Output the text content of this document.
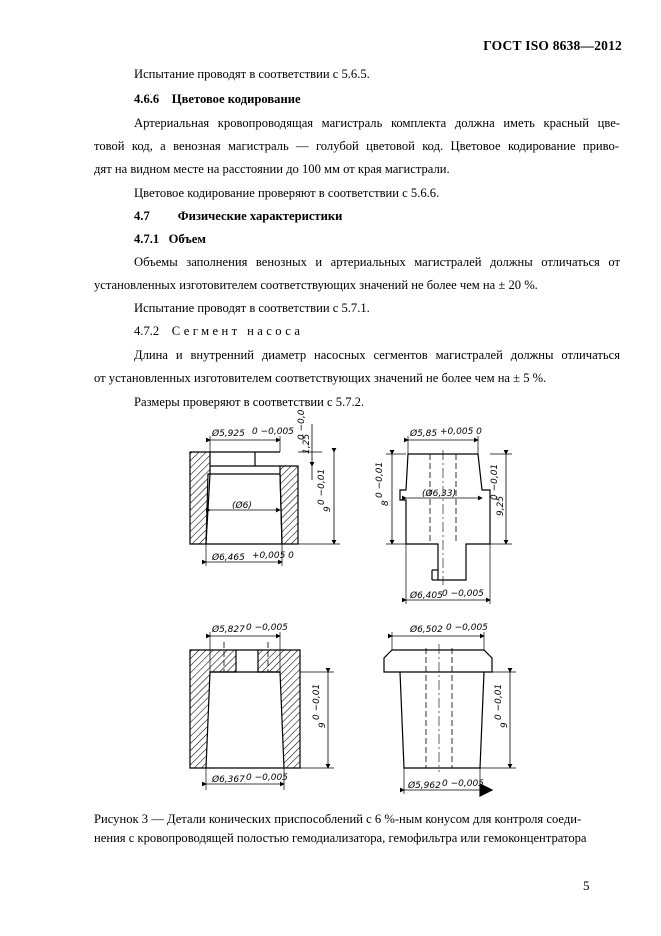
ГОСТ ISO 8638—2012
Испытание проводят в соответствии с 5.6.5.
4.6.6 Цветовое кодирование
Артериальная кровопроводящая магистраль комплекта должна иметь красный цве-
товой код, а венозная магистраль — голубой цветовой код. Цветовое кодирование приво-
дят на видном месте на расстоянии до 100 мм от края магистрали.
Цветовое кодирование проверяют в соответствии с 5.6.6.
4.7 Физические характеристики
4.7.1 Объем
Объемы заполнения венозных и артериальных магистралей должны отличаться от
установленных изготовителем соответствующих значений не более чем на ± 20 %.
Испытание проводят в соответствии с 5.7.1.
4.7.2 Сегмент насоса
Длина и внутренний диаметр насосных сегментов магистралей должны отличаться
от установленных изготовителем соответствующих значений не более чем на ± 5 %.
Размеры проверяют в соответствии с 5.7.2.
Ø5,925 0 −0,005
1,25
0 −0,01
(Ø6)	9
0 −0,01
Ø6,465 +0,005 0
Ø5,85 +0,005 0
8
0 −0,01	(Ø6,33)
9,25
0 −0,01
Ø6,405 0 −0,005
Ø5,827 0 −0,005
9
0 −0,01
Ø6,367 0 −0,005
Ø6,502 0 −0,005
9
0 −0,01
Ø5,962 0 −0,005
Рисунок 3 — Детали конических приспособлений с 6 %-ным конусом для контроля соеди-
нения с кровопроводящей полостью гемодиализатора, гемофильтра или гемоконцентратора
5
